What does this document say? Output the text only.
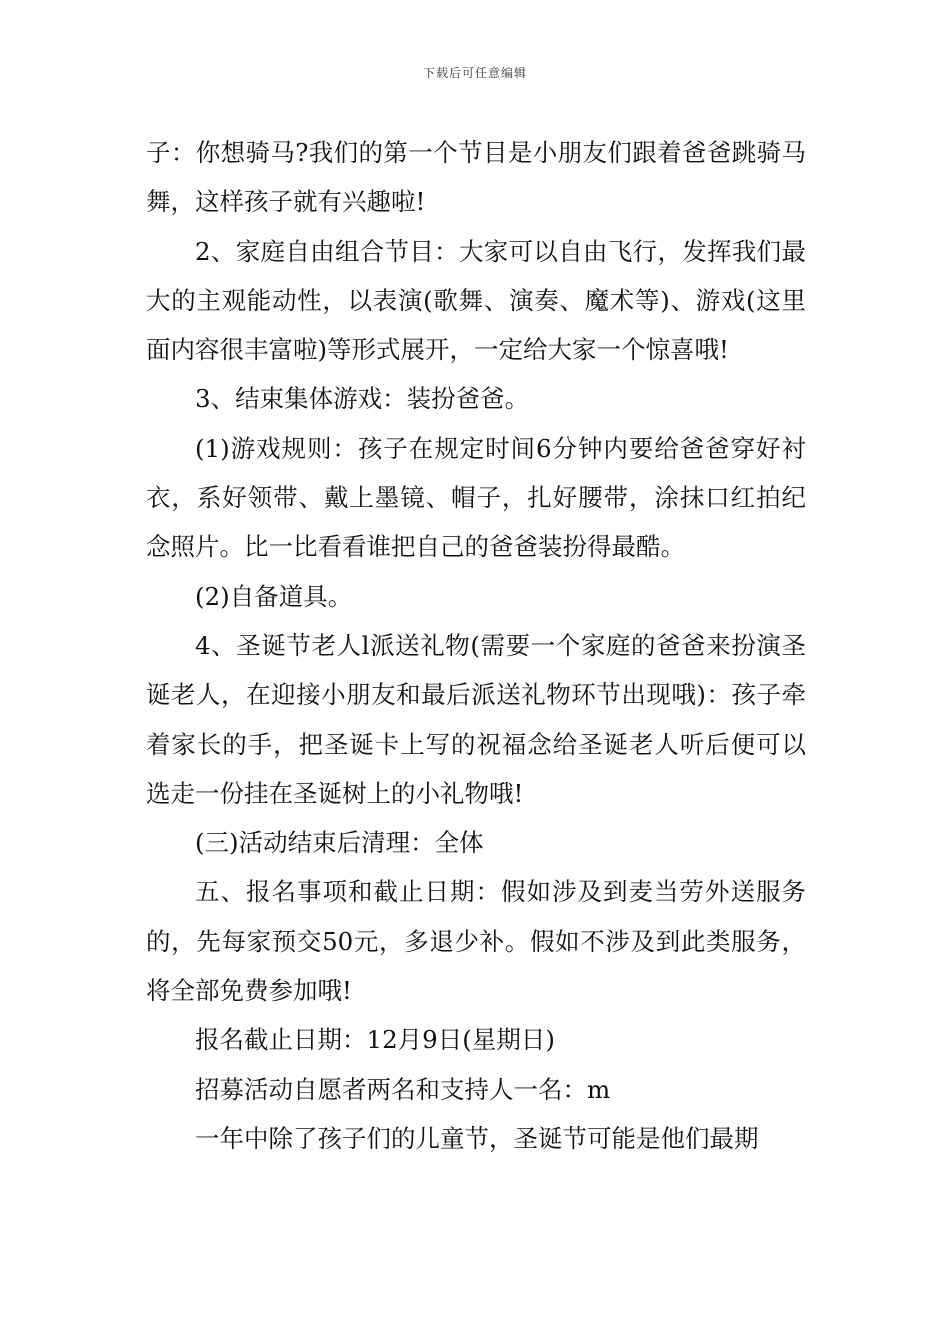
下载后可任意编辑

子：你想骑马?我们的第一个节目是小朋友们跟着爸爸跳骑马舞，这样孩子就有兴趣啦!

2、家庭自由组合节目：大家可以自由飞行，发挥我们最大的主观能动性，以表演(歌舞、演奏、魔术等)、游戏(这里面内容很丰富啦)等形式展开，一定给大家一个惊喜哦!

3、结束集体游戏：装扮爸爸。

(1)游戏规则：孩子在规定时间6分钟内要给爸爸穿好衬衣，系好领带、戴上墨镜、帽子，扎好腰带，涂抹口红拍纪念照片。比一比看看谁把自己的爸爸装扮得最酷。

(2)自备道具。

4、圣诞节老人l派送礼物(需要一个家庭的爸爸来扮演圣诞老人，在迎接小朋友和最后派送礼物环节出现哦)：孩子牵着家长的手，把圣诞卡上写的祝福念给圣诞老人听后便可以选走一份挂在圣诞树上的小礼物哦!

(三)活动结束后清理：全体

五、报名事项和截止日期：假如涉及到麦当劳外送服务的，先每家预交50元，多退少补。假如不涉及到此类服务，将全部免费参加哦!

报名截止日期：12月9日(星期日)

招募活动自愿者两名和支持人一名：m

一年中除了孩子们的儿童节，圣诞节可能是他们最期
